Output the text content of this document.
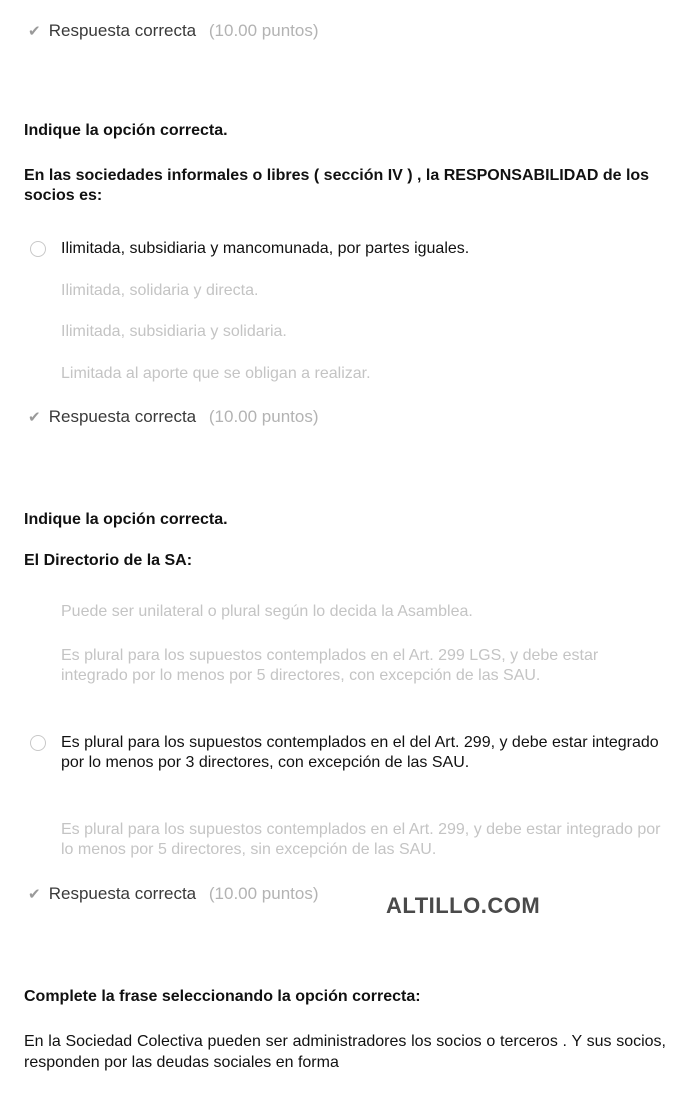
✔ Respuesta correcta (10.00 puntos)
Indique la opción correcta.
En las sociedades informales o libres ( sección IV ) , la RESPONSABILIDAD de los socios es:
Ilimitada, subsidiaria y mancomunada, por partes iguales.
Ilimitada, solidaria y directa.
Ilimitada, subsidiaria y solidaria.
Limitada al aporte que se obligan a realizar.
✔ Respuesta correcta (10.00 puntos)
Indique la opción correcta.
El Directorio de la SA:
Puede ser unilateral o plural según lo decida la Asamblea.
Es plural para los supuestos contemplados en el Art. 299 LGS, y debe estar integrado por lo menos por 5 directores, con excepción de las SAU.
Es plural para los supuestos contemplados en el del Art. 299, y debe estar integrado por lo menos por 3 directores, con excepción de las SAU.
Es plural para los supuestos contemplados en el Art. 299, y debe estar integrado por lo menos por 5 directores, sin excepción de las SAU.
✔ Respuesta correcta (10.00 puntos)	ALTILLO.COM
Complete la frase seleccionando la opción correcta:
En la Sociedad Colectiva pueden ser administradores los socios o terceros . Y sus socios, responden por las deudas sociales en forma
